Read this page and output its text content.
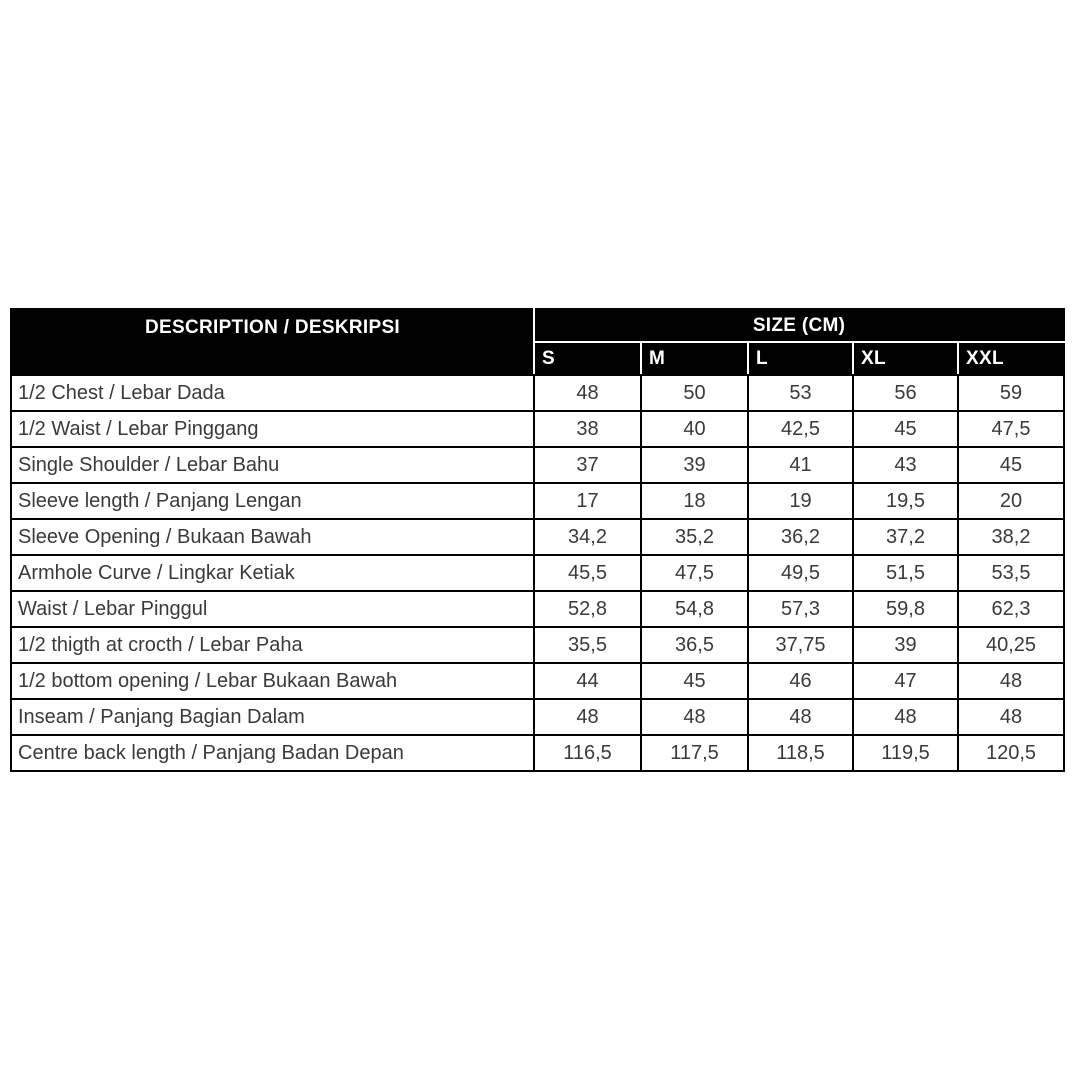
DESCRIPTION / DESKRIPSI	SIZE (CM)				
	S	M	L	XL	XXL
1/2 Chest / Lebar Dada	48	50	53	56	59
1/2 Waist / Lebar Pinggang	38	40	42,5	45	47,5
Single Shoulder / Lebar Bahu	37	39	41	43	45
Sleeve length / Panjang Lengan	17	18	19	19,5	20
Sleeve Opening / Bukaan Bawah	34,2	35,2	36,2	37,2	38,2
Armhole Curve / Lingkar Ketiak	45,5	47,5	49,5	51,5	53,5
Waist / Lebar Pinggul	52,8	54,8	57,3	59,8	62,3
1/2 thigth at crocth / Lebar Paha	35,5	36,5	37,75	39	40,25
1/2 bottom opening / Lebar Bukaan Bawah	44	45	46	47	48
Inseam / Panjang Bagian Dalam	48	48	48	48	48
Centre back length / Panjang Badan Depan	116,5	117,5	118,5	119,5	120,5
